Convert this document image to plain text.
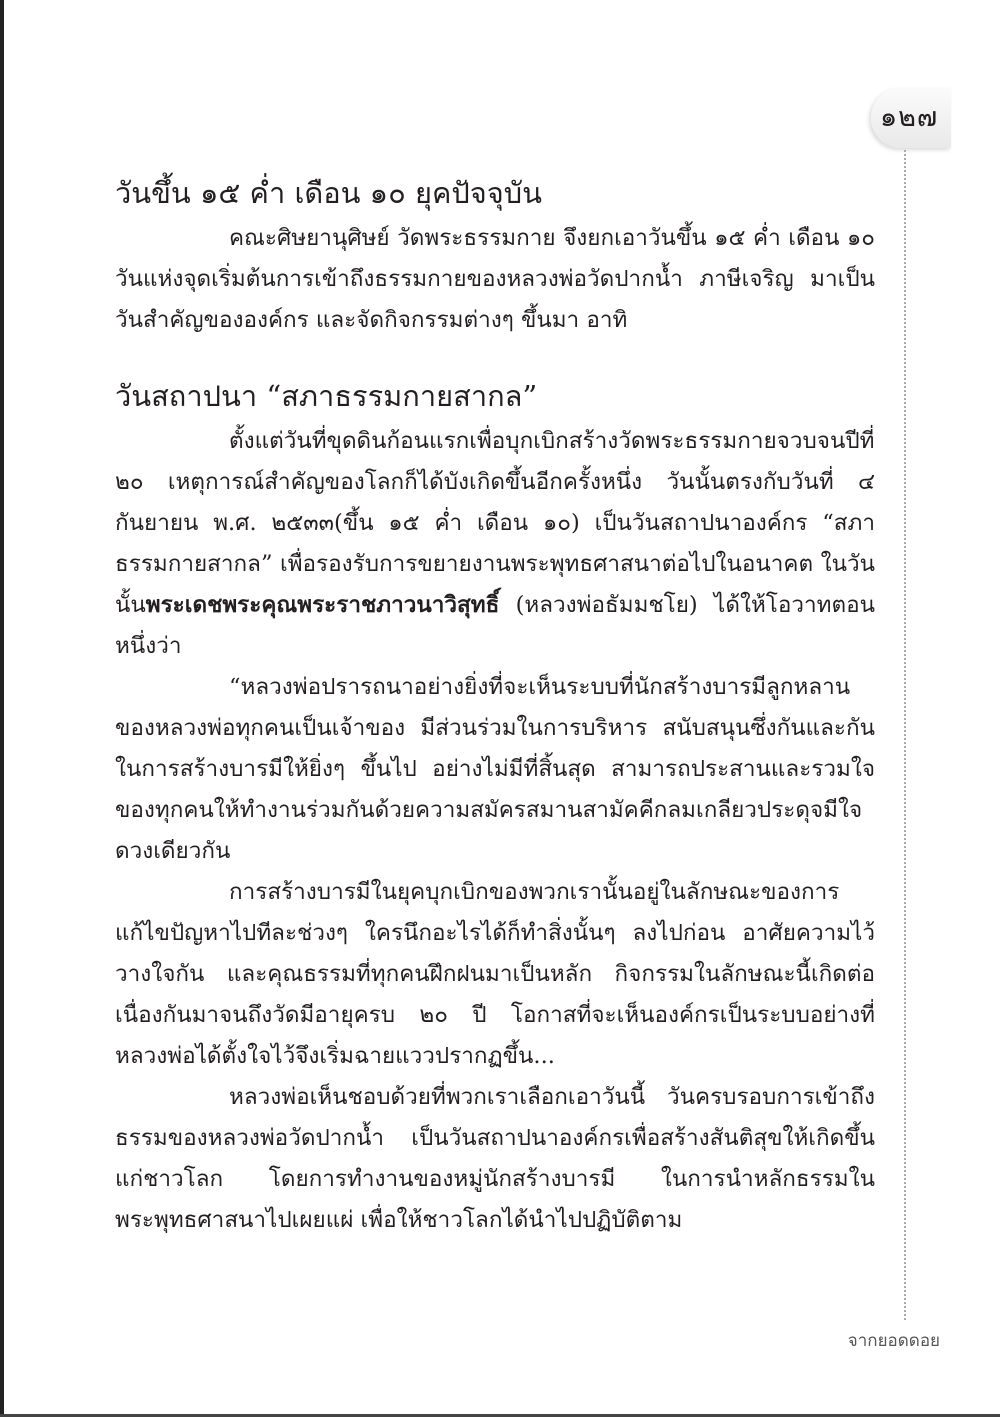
๑๒๗
วันขึ้น ๑๕ ค่ำ เดือน ๑๐ ยุคปัจจุบัน

คณะศิษยานุศิษย์ วัดพระธรรมกาย จึงยกเอาวันขึ้น ๑๕ ค่ำ เดือน ๑๐ วันแห่งจุดเริ่มต้นการเข้าถึงธรรมกายของหลวงพ่อวัดปากน้ำ ภาษีเจริญ มาเป็นวันสำคัญขององค์กร และจัดกิจกรรมต่างๆ ขึ้นมา อาทิ

วันสถาปนา “สภาธรรมกายสากล”

ตั้งแต่วันที่ขุดดินก้อนแรกเพื่อบุกเบิกสร้างวัดพระธรรมกายจวบจนปีที่ ๒๐ เหตุการณ์สำคัญของโลกก็ได้บังเกิดขึ้นอีกครั้งหนึ่ง วันนั้นตรงกับวันที่ ๔ กันยายน พ.ศ. ๒๕๓๓(ขึ้น ๑๕ ค่ำ เดือน ๑๐) เป็นวันสถาปนาองค์กร “สภาธรรมกายสากล” เพื่อรองรับการขยายงานพระพุทธศาสนาต่อไปในอนาคต ในวันนั้นพระเดชพระคุณพระราชภาวนาวิสุทธิ์ (หลวงพ่อธัมมชโย) ได้ให้โอวาทตอนหนึ่งว่า

“หลวงพ่อปรารถนาอย่างยิ่งที่จะเห็นระบบที่นักสร้างบารมีลูกหลานของหลวงพ่อทุกคนเป็นเจ้าของ มีส่วนร่วมในการบริหาร สนับสนุนซึ่งกันและกันในการสร้างบารมีให้ยิ่งๆ ขึ้นไป อย่างไม่มีที่สิ้นสุด สามารถประสานและรวมใจของทุกคนให้ทำงานร่วมกันด้วยความสมัครสมานสามัคคีกลมเกลียวประดุจมีใจดวงเดียวกัน

การสร้างบารมีในยุคบุกเบิกของพวกเรานั้นอยู่ในลักษณะของการแก้ไขปัญหาไปทีละช่วงๆ ใครนึกอะไรได้ก็ทำสิ่งนั้นๆ ลงไปก่อน อาศัยความไว้วางใจกัน และคุณธรรมที่ทุกคนฝึกฝนมาเป็นหลัก กิจกรรมในลักษณะนี้เกิดต่อเนื่องกันมาจนถึงวัดมีอายุครบ ๒๐ ปี โอกาสที่จะเห็นองค์กรเป็นระบบอย่างที่หลวงพ่อได้ตั้งใจไว้จึงเริ่มฉายแววปรากฏขึ้น...

หลวงพ่อเห็นชอบด้วยที่พวกเราเลือกเอาวันนี้ วันครบรอบการเข้าถึงธรรมของหลวงพ่อวัดปากน้ำ เป็นวันสถาปนาองค์กรเพื่อสร้างสันติสุขให้เกิดขึ้นแก่ชาวโลก โดยการทำงานของหมู่นักสร้างบารมี ในการนำหลักธรรมในพระพุทธศาสนาไปเผยแผ่ เพื่อให้ชาวโลกได้นำไปปฏิบัติตาม

จากยอดดอย
